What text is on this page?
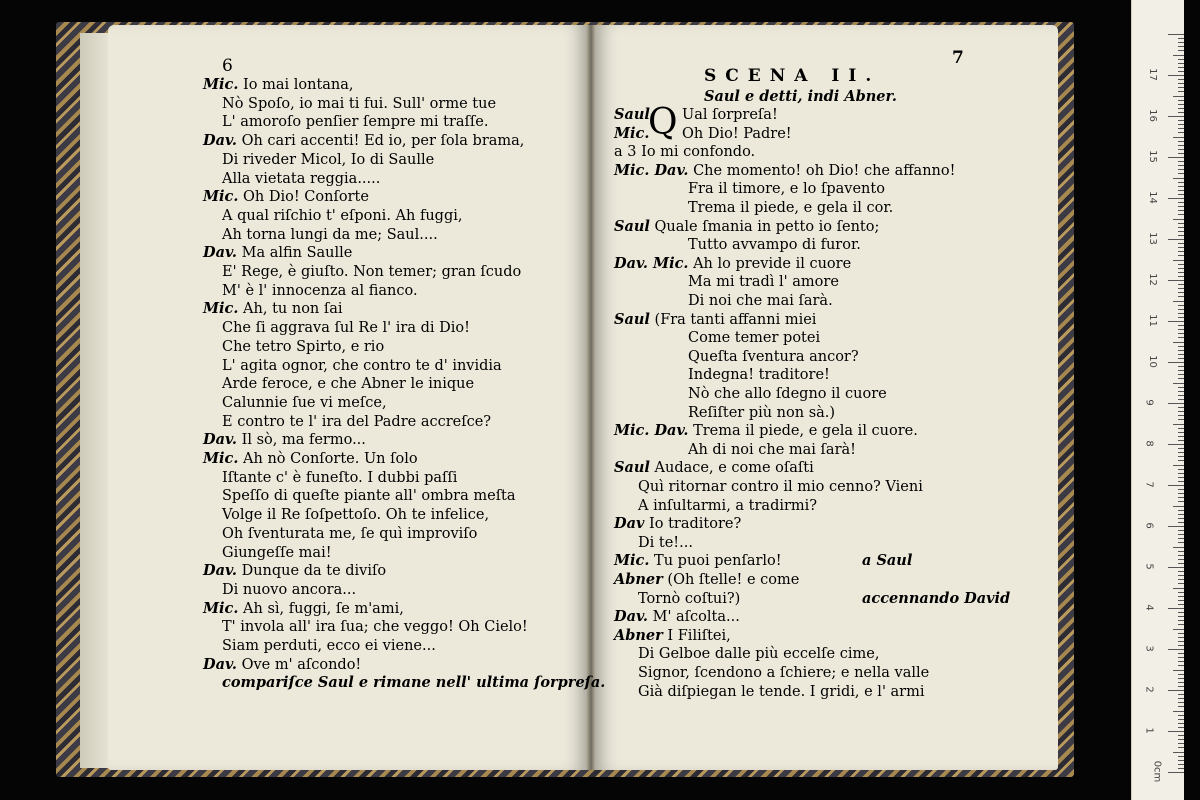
6	7
Mic. Io mai lontana,
Nò Spoſo, io mai ti fui. Sull' orme tue
L' amoroſo penſier ſempre mi traſſe.
Dav. Oh cari accenti! Ed io, per ſola brama,
Di riveder Micol, Io di Saulle
Alla vietata reggia.....
Mic. Oh Dio! Conſorte
A qual riſchio t' eſponi. Ah fuggi,
Ah torna lungi da me; Saul....
Dav. Ma alfin Saulle
E' Rege, è giuſto. Non temer; gran ſcudo
M' è l' innocenza al fianco.
Mic. Ah, tu non ſai
Che ſi aggrava ſul Re l' ira di Dio!
Che tetro Spirto, e rio
L' agita ognor, che contro te d' invidia
Arde feroce, e che Abner le inique
Calunnie ſue vi meſce,
E contro te l' ira del Padre accreſce?
Dav. Il sò, ma fermo...
Mic. Ah nò Conſorte. Un ſolo
Iſtante c' è funeſto. I dubbi paſſi
Speſſo di queſte piante all' ombra meſta
Volge il Re ſoſpettoſo. Oh te infelice,
Oh ſventurata me, ſe quì improviſo
Giungeſſe mai!
Dav. Dunque da te diviſo
Di nuovo ancora...
Mic. Ah sì, fuggi, ſe m'ami,
T' invola all' ira ſua; che veggo! Oh Cielo!
Siam perduti, ecco ei viene...
Dav. Ove m' aſcondo!
compariſce Saul e rimane nell' ultima ſorpreſa.
SCENA II.
Saul e detti, indi Abner.
Q
Saul Ual ſorpreſa!
Mic. Oh Dio! Padre!
a 3 Io mi confondo.
Mic. Dav. Che momento! oh Dio! che affanno!
Fra il timore, e lo ſpavento
Trema il piede, e gela il cor.
Saul Quale ſmania in petto io ſento;
Tutto avvampo di furor.
Dav. Mic. Ah lo previde il cuore
Ma mi tradì l' amore
Di noi che mai ſarà.
Saul (Fra tanti affanni miei
Come temer potei
Queſta ſventura ancor?
Indegna! traditore!
Nò che allo ſdegno il cuore
Reſiſter più non sà.)
Mic. Dav. Trema il piede, e gela il cuore.
Ah di noi che mai ſarà!
Saul Audace, e come oſaſti
Quì ritornar contro il mio cenno? Vieni
A inſultarmi, a tradirmi?
Dav Io traditore?
Di te!...
Mic. Tu puoi penſarlo!	a Saul
Abner (Oh ſtelle! e come
Tornò coſtui?)	accennando David
Dav. M' aſcolta...
Abner I Filiſtei,
Di Gelboe dalle più eccelſe cime,
Signor, ſcendono a ſchiere; e nella valle
Già diſpiegan le tende. I gridi, e l' armi
17
16
15
14
13
12
11
10
9
8
7
6
5
4
3
2
1
0cm
